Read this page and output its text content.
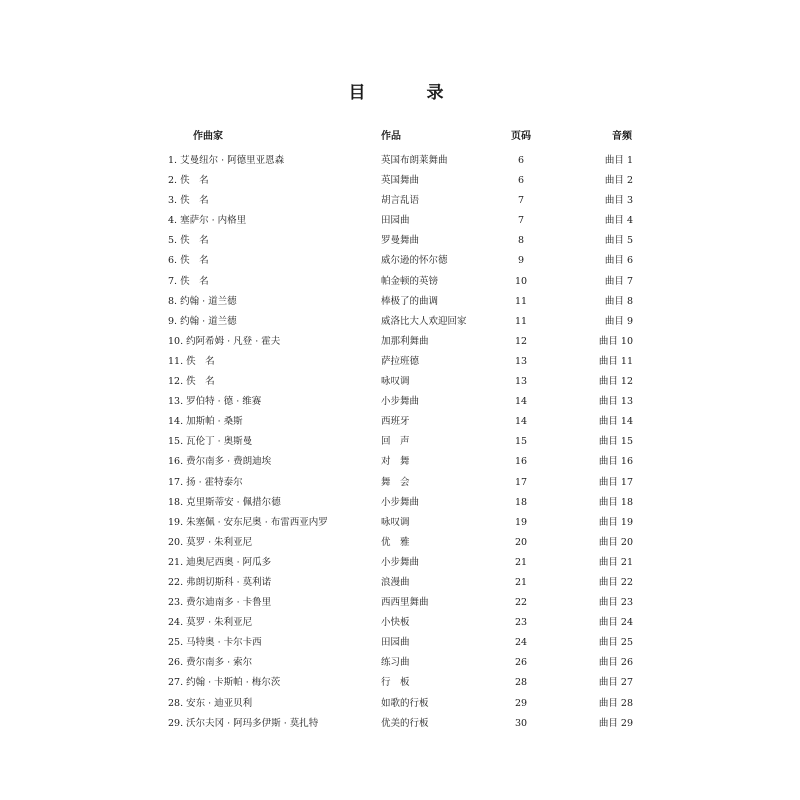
目　录
作曲家	作品	页码	音频
1. 艾曼纽尔 · 阿德里亚恩森	英国布朗莱舞曲	6	曲目 1
2. 佚　名	英国舞曲	6	曲目 2
3. 佚　名	胡言乱语	7	曲目 3
4. 塞萨尔 · 内格里	田园曲	7	曲目 4
5. 佚　名	罗曼舞曲	8	曲目 5
6. 佚　名	威尔逊的怀尔德	9	曲目 6
7. 佚　名	帕金顿的英镑	10	曲目 7
8. 约翰 · 道兰德	棒极了的曲调	11	曲目 8
9. 约翰 · 道兰德	威洛比大人欢迎回家	11	曲目 9
10. 约阿希姆 · 凡登 · 霍夫	加那利舞曲	12	曲目 10
11. 佚　名	萨拉班德	13	曲目 11
12. 佚　名	咏叹调	13	曲目 12
13. 罗伯特 · 德 · 维赛	小步舞曲	14	曲目 13
14. 加斯帕 · 桑斯	西班牙	14	曲目 14
15. 瓦伦丁 · 奥斯曼	回　声	15	曲目 15
16. 费尔南多 · 费朗迪埃	对　舞	16	曲目 16
17. 扬 · 霍特泰尔	舞　会	17	曲目 17
18. 克里斯蒂安 · 佩措尔德	小步舞曲	18	曲目 18
19. 朱塞佩 · 安东尼奥 · 布雷西亚内罗	咏叹调	19	曲目 19
20. 莫罗 · 朱利亚尼	优　雅	20	曲目 20
21. 迪奥尼西奥 · 阿瓜多	小步舞曲	21	曲目 21
22. 弗朗切斯科 · 莫利诺	浪漫曲	21	曲目 22
23. 费尔迪南多 · 卡鲁里	西西里舞曲	22	曲目 23
24. 莫罗 · 朱利亚尼	小快板	23	曲目 24
25. 马特奥 · 卡尔卡西	田园曲	24	曲目 25
26. 费尔南多 · 索尔	练习曲	26	曲目 26
27. 约翰 · 卡斯帕 · 梅尔茨	行　板	28	曲目 27
28. 安东 · 迪亚贝利	如歌的行板	29	曲目 28
29. 沃尔夫冈 · 阿玛多伊斯 · 莫扎特	优美的行板	30	曲目 29
